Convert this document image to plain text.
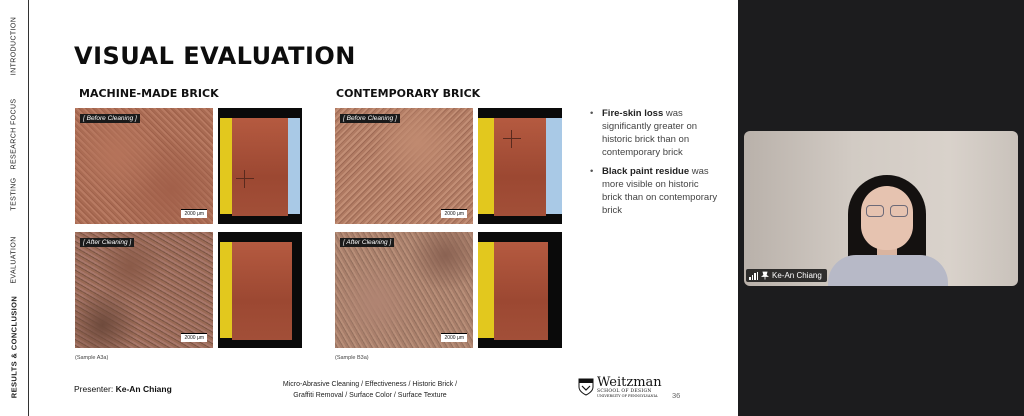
INTRODUCTION
RESEARCH FOCUS
TESTING
EVALUATION
RESULTS & CONCLUSION
VISUAL EVALUATION
MACHINE-MADE BRICK
[ Before Cleaning ]
2000 μm
[ After Cleaning ]
2000 μm
(Sample A3a)
CONTEMPORARY BRICK
[ Before Cleaning ]
2000 μm
[ After Cleaning ]
2000 μm
(Sample B3a)
• Fire-skin loss was significantly greater on historic brick than on contemporary brick
• Black paint residue was more visible on historic brick than on contemporary brick
Presenter: Ke-An Chiang	Micro-Abrasive Cleaning / Effectiveness / Historic Brick /
Graffiti Removal / Surface Color / Surface Texture
Weitzman
SCHOOL OF DESIGN
UNIVERSITY OF PENNSYLVANIA	36
Ke-An Chiang
